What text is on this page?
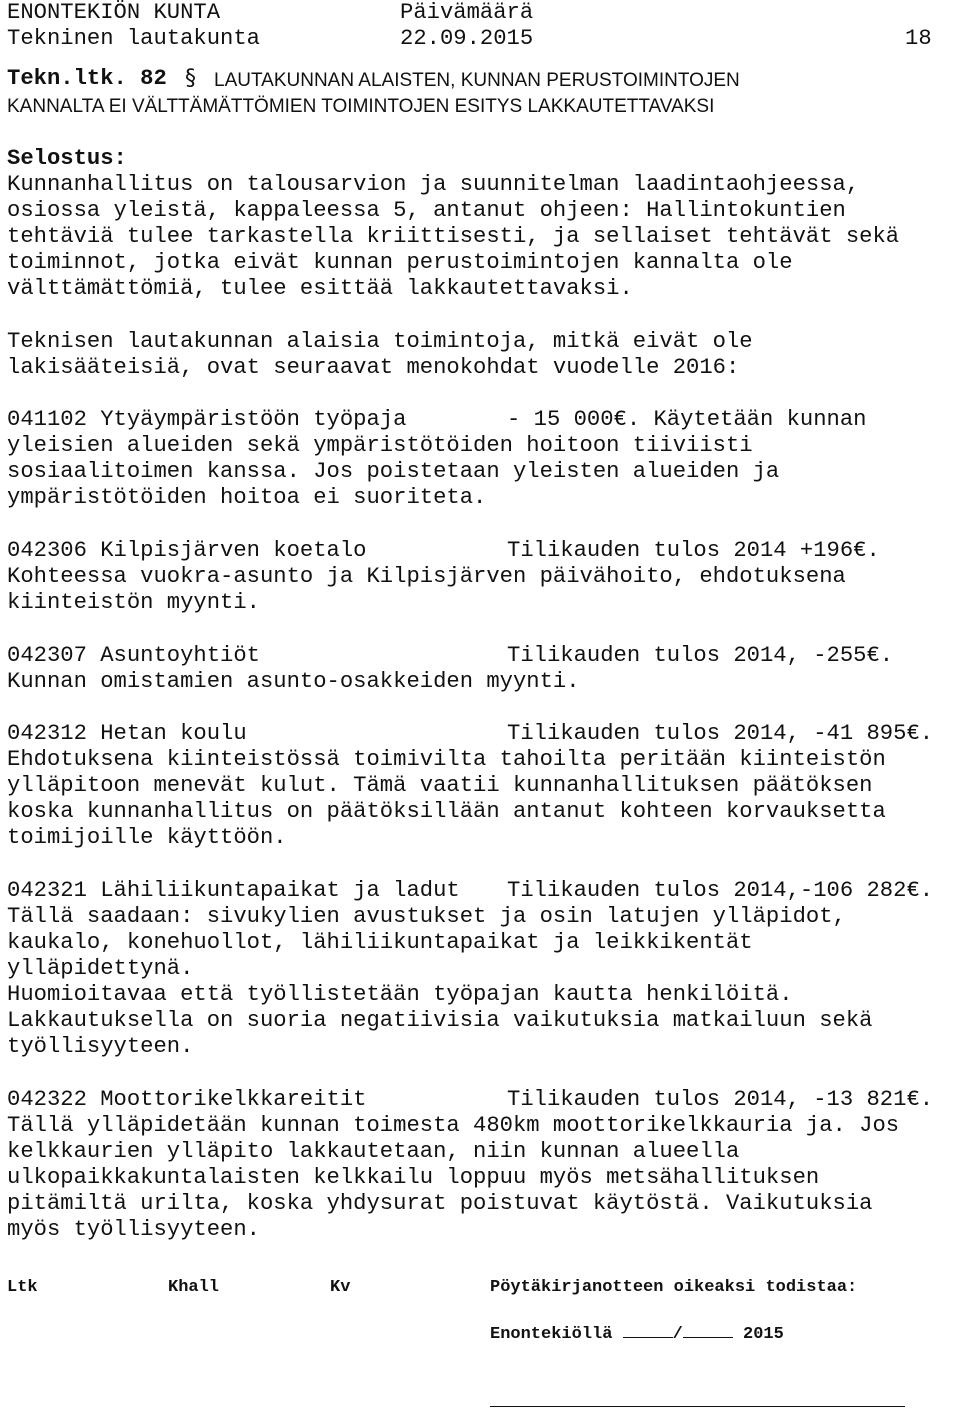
ENONTEKIÖN KUNTA	Päivämäärä
Tekninen lautakunta	22.09.2015	18
Tekn.ltk. 82 § LAUTAKUNNAN ALAISTEN, KUNNAN PERUSTOIMINTOJEN
KANNALTA EI VÄLTTÄMÄTTÖMIEN TOIMINTOJEN ESITYS LAKKAUTETTAVAKSI
Selostus:
Kunnanhallitus on talousarvion ja suunnitelman laadintaohjeessa,
osiossa yleistä, kappaleessa 5, antanut ohjeen: Hallintokuntien
tehtäviä tulee tarkastella kriittisesti, ja sellaiset tehtävät sekä
toiminnot, jotka eivät kunnan perustoimintojen kannalta ole
välttämättömiä, tulee esittää lakkautettavaksi.
Teknisen lautakunnan alaisia toimintoja, mitkä eivät ole
lakisääteisiä, ovat seuraavat menokohdat vuodelle 2016:
041102 Ytyäympäristöön työpaja	- 15 000€. Käytetään kunnan
yleisien alueiden sekä ympäristötöiden hoitoon tiiviisti
sosiaalitoimen kanssa. Jos poistetaan yleisten alueiden ja
ympäristötöiden hoitoa ei suoriteta.
042306 Kilpisjärven koetalo	Tilikauden tulos 2014 +196€.
Kohteessa vuokra-asunto ja Kilpisjärven päivähoito, ehdotuksena
kiinteistön myynti.
042307 Asuntoyhtiöt	Tilikauden tulos 2014, -255€.
Kunnan omistamien asunto-osakkeiden myynti.
042312 Hetan koulu	Tilikauden tulos 2014, -41 895€.
Ehdotuksena kiinteistössä toimivilta tahoilta peritään kiinteistön
ylläpitoon menevät kulut. Tämä vaatii kunnanhallituksen päätöksen
koska kunnanhallitus on päätöksillään antanut kohteen korvauksetta
toimijoille käyttöön.
042321 Lähiliikuntapaikat ja ladut Tilikauden tulos 2014,-106 282€.
Tällä saadaan: sivukylien avustukset ja osin latujen ylläpidot,
kaukalo, konehuollot, lähiliikuntapaikat ja leikkikentät
ylläpidettynä.
Huomioitavaa että työllistetään työpajan kautta henkilöitä.
Lakkautuksella on suoria negatiivisia vaikutuksia matkailuun sekä
työllisyyteen.
042322 Moottorikelkkareitit	Tilikauden tulos 2014, -13 821€.
Tällä ylläpidetään kunnan toimesta 480km moottorikelkkauria ja. Jos
kelkkaurien ylläpito lakkautetaan, niin kunnan alueella
ulkopaikkakuntalaisten kelkkailu loppuu myös metsähallituksen
pitämiltä urilta, koska yhdysurat poistuvat käytöstä. Vaikutuksia
myös työllisyyteen.
Ltk	Khall	Kv	Pöytäkirjanotteen oikeaksi todistaa:
Enontekiöllä	/	2015
